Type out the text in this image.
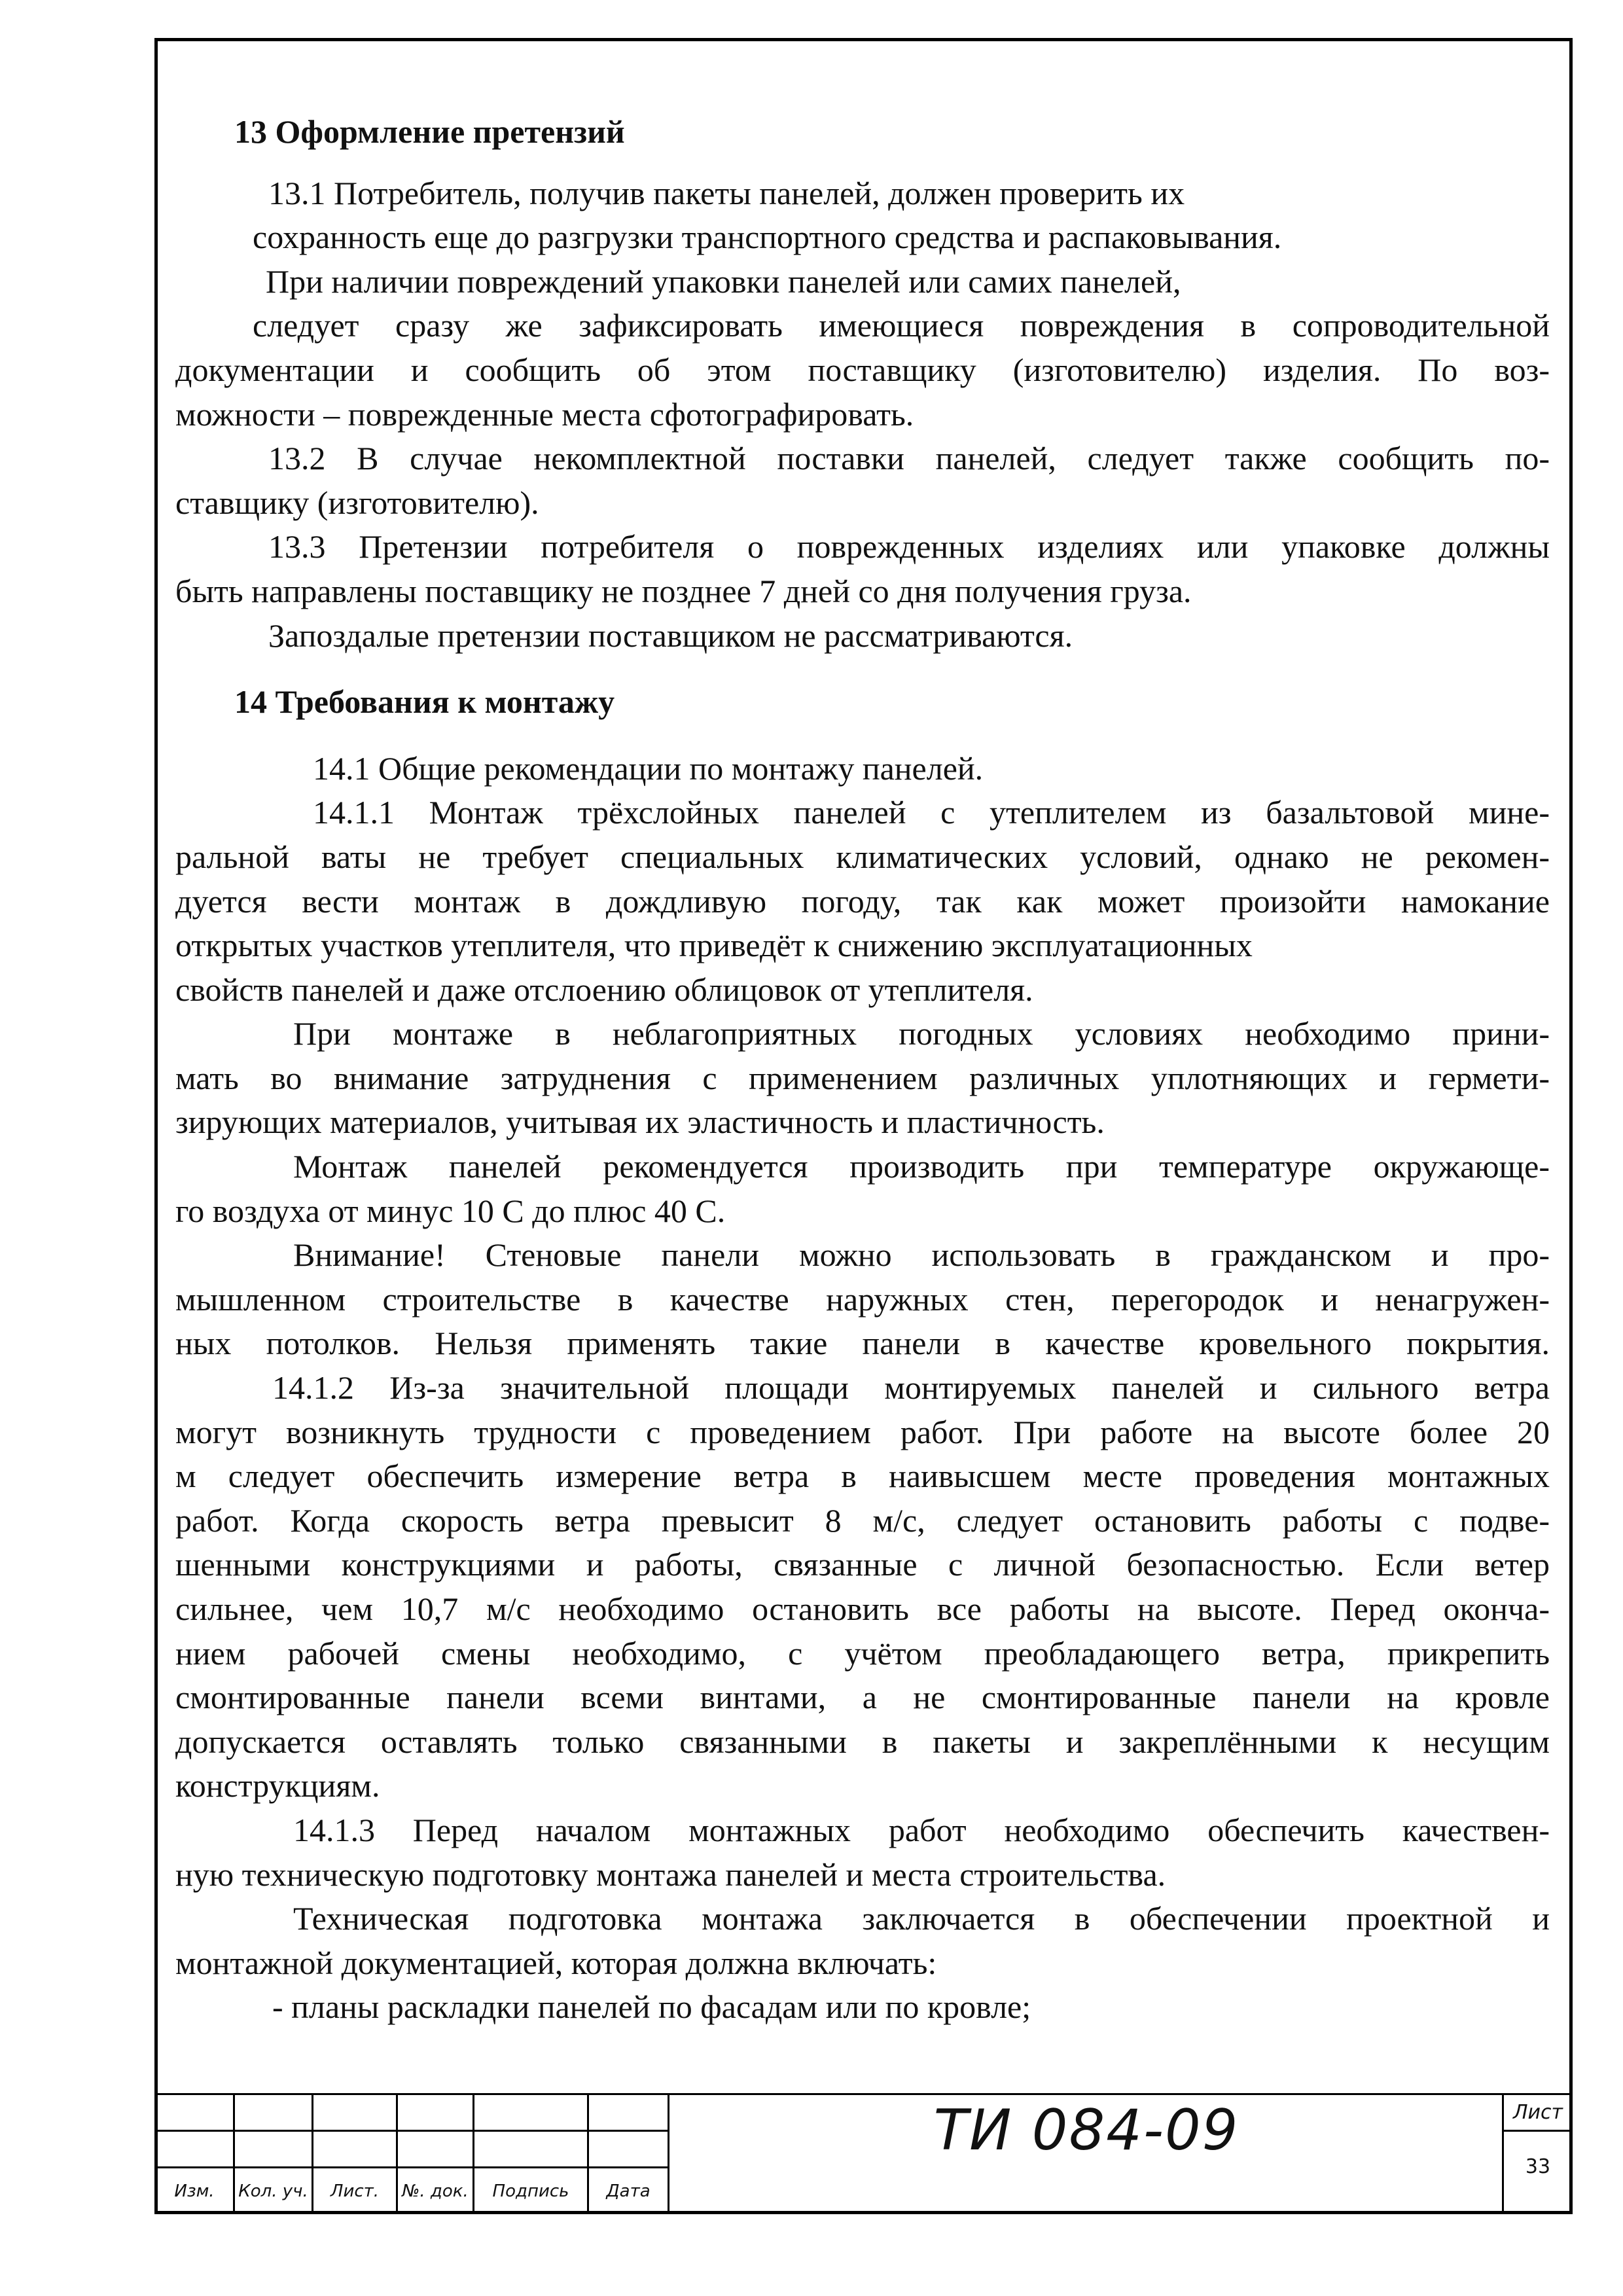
13 Оформление претензий

13.1 Потребитель, получив пакеты панелей, должен проверить их

сохранность еще до разгрузки транспортного средства и распаковывания.

При наличии повреждений упаковки панелей или самих панелей,

следует сразу же зафиксировать имеющиеся повреждения в сопроводительной

документации и сообщить об этом поставщику (изготовителю) изделия. По воз-

можности – поврежденные места сфотографировать.

13.2 В случае некомплектной поставки панелей, следует также сообщить по-

ставщику (изготовителю).

13.3 Претензии потребителя о поврежденных изделиях или упаковке должны

быть направлены поставщику не позднее 7 дней со дня получения груза.

Запоздалые претензии поставщиком не рассматриваются.

14 Требования к монтажу

14.1 Общие рекомендации по монтажу панелей.

14.1.1 Монтаж трёхслойных панелей с утеплителем из базальтовой мине-

ральной ваты не требует специальных климатических условий, однако не рекомен-

дуется вести монтаж в дождливую погоду, так как может произойти намокание

открытых участков утеплителя, что приведёт к снижению эксплуатационных

свойств панелей и даже отслоению облицовок от утеплителя.

При монтаже в неблагоприятных погодных условиях необходимо прини-

мать во внимание затруднения с применением различных уплотняющих и гермети-

зирующих материалов, учитывая их эластичность и пластичность.

Монтаж панелей рекомендуется производить при температуре окружающе-

го воздуха от минус 10 С до плюс 40 С.

Внимание! Стеновые панели можно использовать в гражданском и про-

мышленном строительстве в качестве наружных стен, перегородок и ненагружен-

ных потолков. Нельзя применять такие панели в качестве кровельного покрытия.

14.1.2 Из-за значительной площади монтируемых панелей и сильного ветра

могут возникнуть трудности с проведением работ. При работе на высоте более 20

м следует обеспечить измерение ветра в наивысшем месте проведения монтажных

работ. Когда скорость ветра превысит 8 м/с, следует остановить работы с подве-

шенными конструкциями и работы, связанные с личной безопасностью. Если ветер

сильнее, чем 10,7 м/с необходимо остановить все работы на высоте. Перед оконча-

нием рабочей смены необходимо, с учётом преобладающего ветра, прикрепить

смонтированные панели всеми винтами, а не смонтированные панели на кровле

допускается оставлять только связанными в пакеты и закреплёнными к несущим

конструкциям.

14.1.3 Перед началом монтажных работ необходимо обеспечить качествен-

ную техническую подготовку монтажа панелей и места строительства.

Техническая подготовка монтажа заключается в обеспечении проектной и

монтажной документацией, которая должна включать:

- планы раскладки панелей по фасадам или по кровле;

Изм.	Кол. уч.	Лист.	№. док.	Подпись	Дата
ТИ 084-09	Лист
33
